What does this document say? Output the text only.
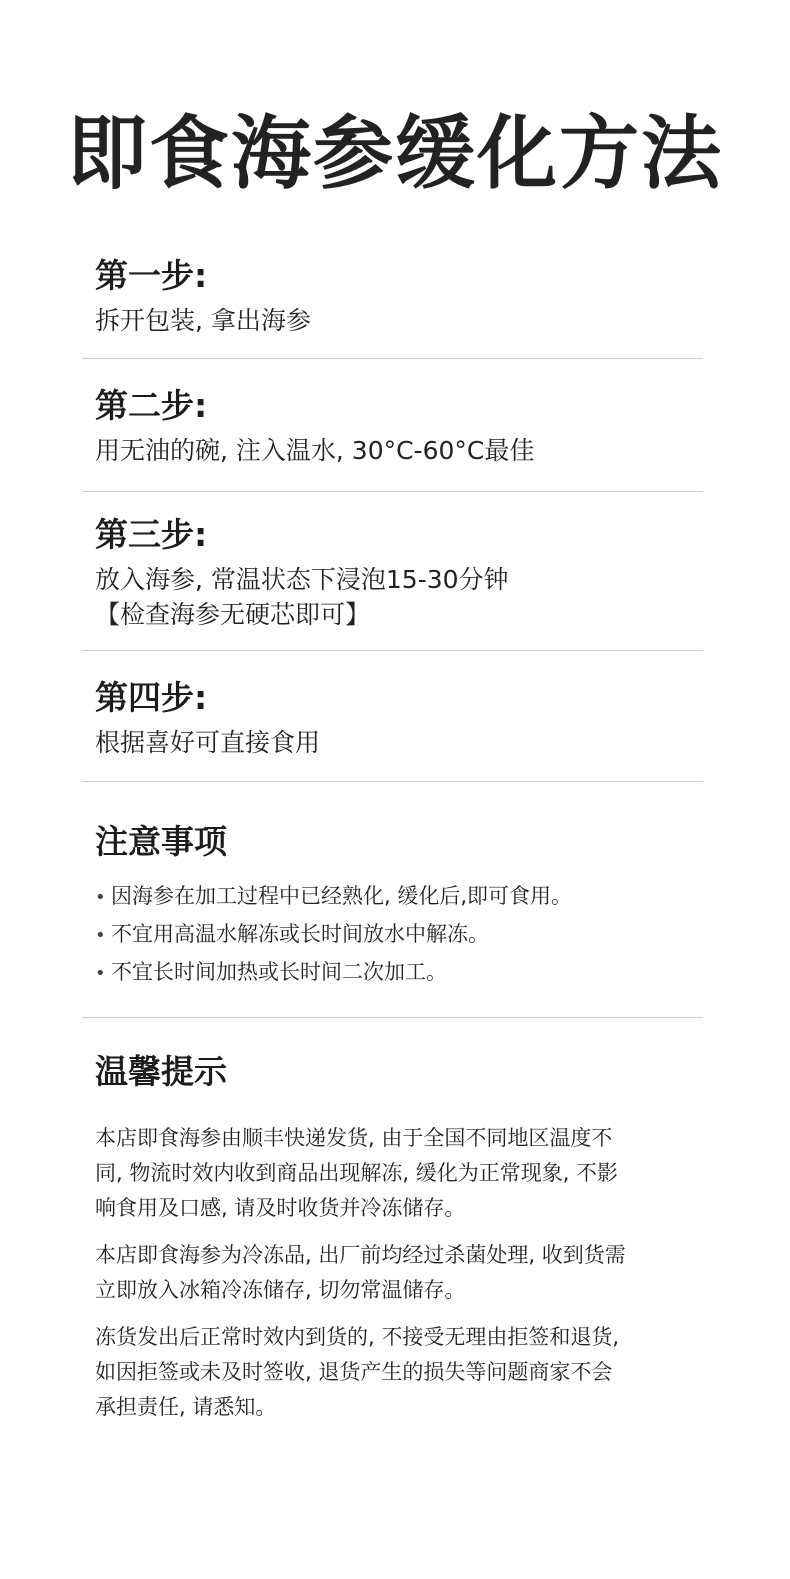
即食海参缓化方法
第一步:
拆开包装, 拿出海参
第二步:
用无油的碗, 注入温水, 30°C-60°C最佳
第三步:
放入海参, 常温状态下浸泡15-30分钟
【检查海参无硬芯即可】
第四步:
根据喜好可直接食用
注意事项
• 因海参在加工过程中已经熟化, 缓化后,即可食用。
• 不宜用高温水解冻或长时间放水中解冻。
• 不宜长时间加热或长时间二次加工。
温馨提示

本店即食海参由顺丰快递发货, 由于全国不同地区温度不
同, 物流时效内收到商品出现解冻, 缓化为正常现象, 不影
响食用及口感, 请及时收货并冷冻储存。

本店即食海参为冷冻品, 出厂前均经过杀菌处理, 收到货需
立即放入冰箱冷冻储存, 切勿常温储存。

冻货发出后正常时效内到货的, 不接受无理由拒签和退货,
如因拒签或未及时签收, 退货产生的损失等问题商家不会
承担责任, 请悉知。
